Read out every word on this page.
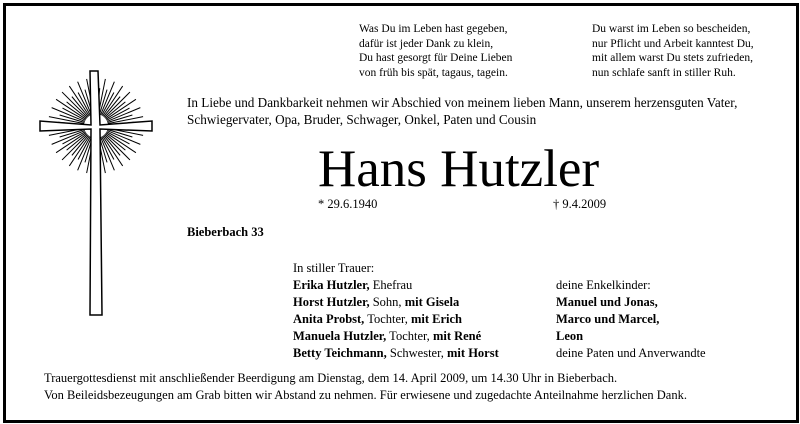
Was Du im Leben hast gegeben,
dafür ist jeder Dank zu klein,
Du hast gesorgt für Deine Lieben
von früh bis spät, tagaus, tagein.
Du warst im Leben so bescheiden,
nur Pflicht und Arbeit kanntest Du,
mit allem warst Du stets zufrieden,
nun schlafe sanft in stiller Ruh.
In Liebe und Dankbarkeit nehmen wir Abschied von meinem lieben Mann, unserem herzensguten Vater,
Schwiegervater, Opa, Bruder, Schwager, Onkel, Paten und Cousin
Hans Hutzler
* 29.6.1940	† 9.4.2009
Bieberbach 33
In stiller Trauer:
Erika Hutzler, Ehefrau
Horst Hutzler, Sohn, mit Gisela
Anita Probst, Tochter, mit Erich
Manuela Hutzler, Tochter, mit René
Betty Teichmann, Schwester, mit Horst
deine Enkelkinder:
Manuel und Jonas,
Marco und Marcel,
Leon
deine Paten und Anverwandte
Trauergottesdienst mit anschließender Beerdigung am Dienstag, dem 14. April 2009, um 14.30 Uhr in Bieberbach.
Von Beileidsbezeugungen am Grab bitten wir Abstand zu nehmen. Für erwiesene und zugedachte Anteilnahme herzlichen Dank.
